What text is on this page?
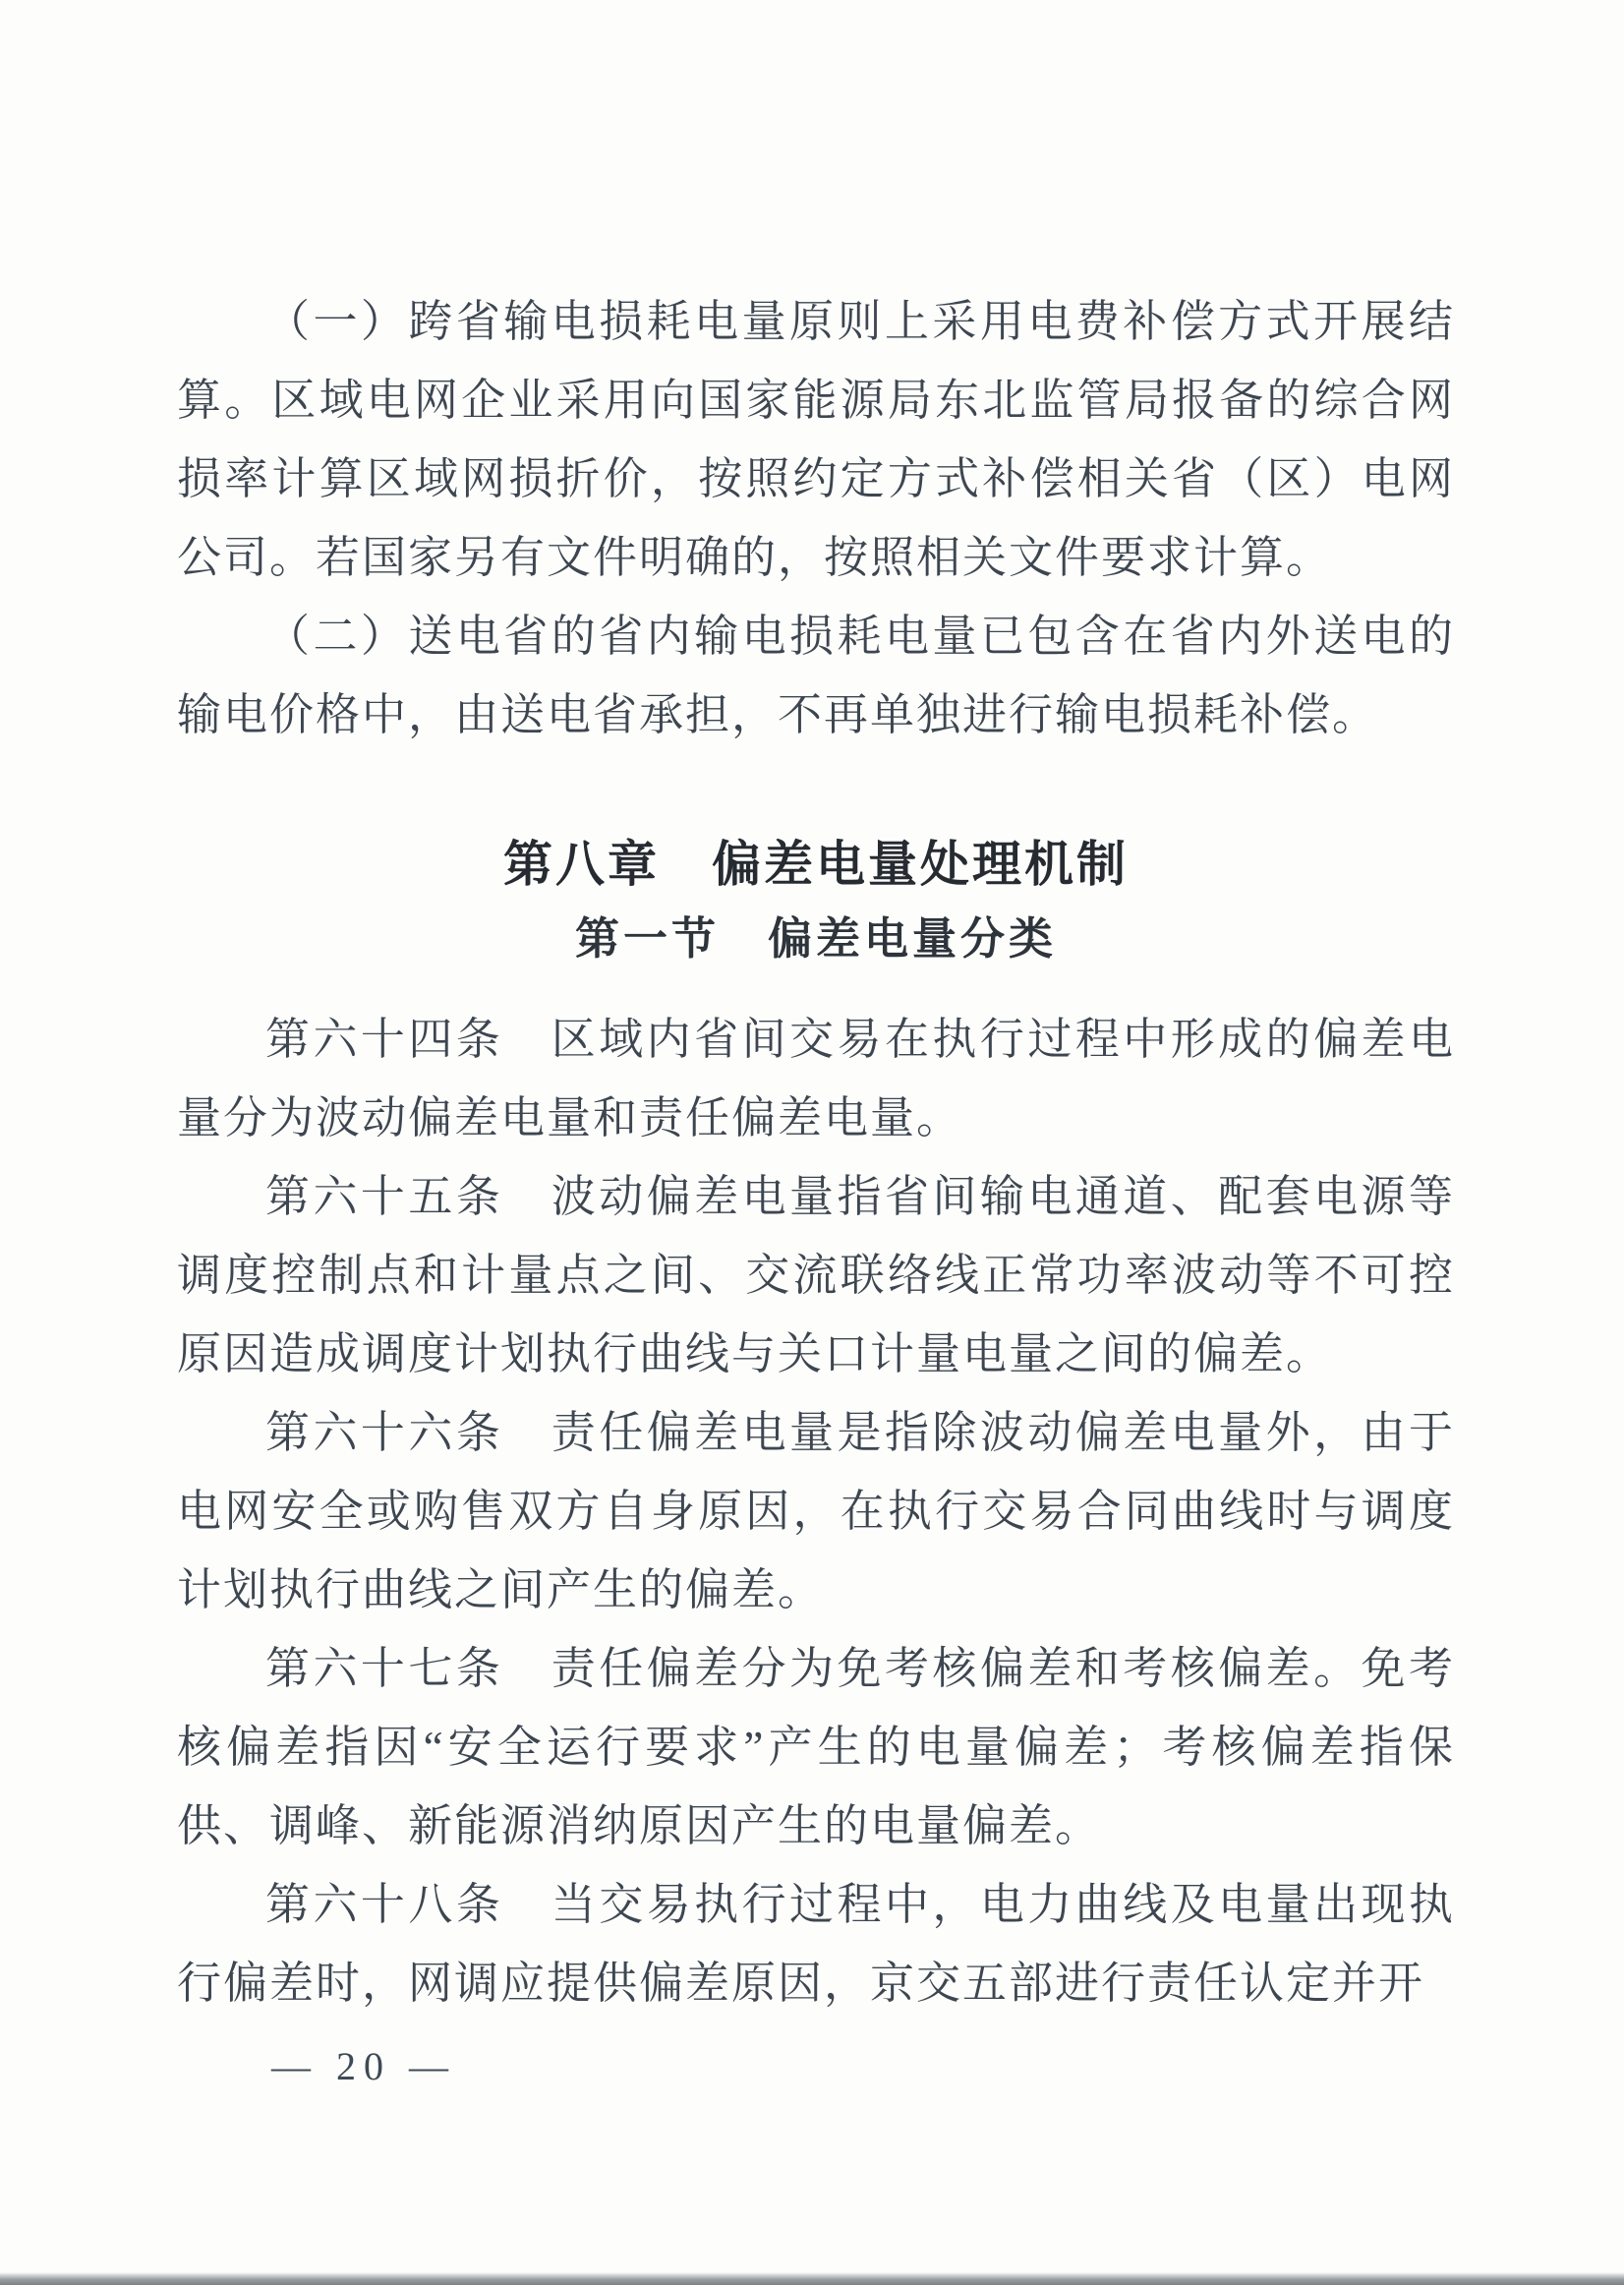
（一）跨省输电损耗电量原则上采用电费补偿方式开展结算。区域电网企业采用向国家能源局东北监管局报备的综合网损率计算区域网损折价，按照约定方式补偿相关省（区）电网公司。若国家另有文件明确的，按照相关文件要求计算。

（二）送电省的省内输电损耗电量已包含在省内外送电的输电价格中，由送电省承担，不再单独进行输电损耗补偿。

第八章　偏差电量处理机制
第一节　偏差电量分类

第六十四条　区域内省间交易在执行过程中形成的偏差电量分为波动偏差电量和责任偏差电量。

第六十五条　波动偏差电量指省间输电通道、配套电源等调度控制点和计量点之间、交流联络线正常功率波动等不可控原因造成调度计划执行曲线与关口计量电量之间的偏差。

第六十六条　责任偏差电量是指除波动偏差电量外，由于电网安全或购售双方自身原因，在执行交易合同曲线时与调度计划执行曲线之间产生的偏差。

第六十七条　责任偏差分为免考核偏差和考核偏差。免考核偏差指因“安全运行要求”产生的电量偏差；考核偏差指保供、调峰、新能源消纳原因产生的电量偏差。

第六十八条　当交易执行过程中，电力曲线及电量出现执行偏差时，网调应提供偏差原因，京交五部进行责任认定并开

— 20 —
